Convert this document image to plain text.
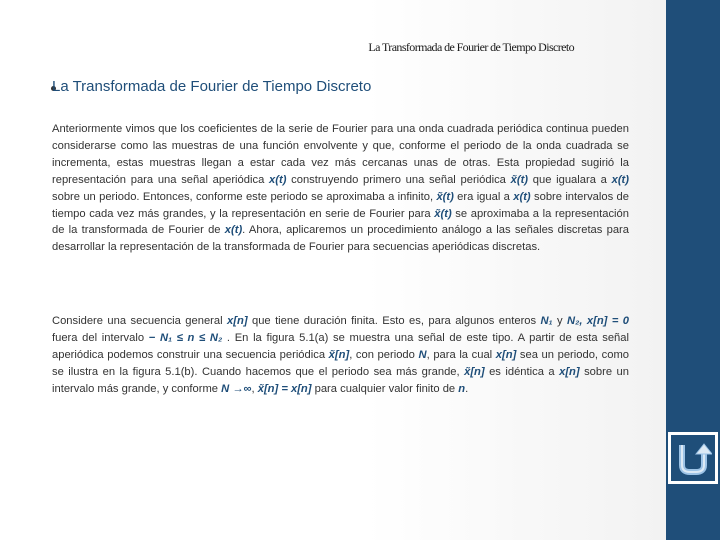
La Transformada de Fourier de Tiempo Discreto
La Transformada de Fourier de Tiempo Discreto

Anteriormente vimos que los coeficientes de la serie de Fourier para una onda cuadrada periódica continua pueden considerarse como las muestras de una función envolvente y que, conforme el periodo de la onda cuadrada se incrementa, estas muestras llegan a estar cada vez más cercanas unas de otras. Esta propiedad sugirió la representación para una señal aperiódica x(t) construyendo primero una señal periódica x̃(t) que igualara a x(t) sobre un periodo. Entonces, conforme este periodo se aproximaba a infinito, x̃(t) era igual a x(t) sobre intervalos de tiempo cada vez más grandes, y la representación en serie de Fourier para x̃(t) se aproximaba a la representación de la transformada de Fourier de x(t). Ahora, aplicaremos un procedimiento análogo a las señales discretas para desarrollar la representación de la transformada de Fourier para secuencias aperiódicas discretas.

Considere una secuencia general x[n] que tiene duración finita. Esto es, para algunos enteros N₁ y N₂, x[n] = 0 fuera del intervalo − N₁ ≤ n ≤ N₂ . En la figura 5.1(a) se muestra una señal de este tipo. A partir de esta señal aperiódica podemos construir una secuencia periódica x̃[n], con periodo N, para la cual x[n] sea un periodo, como se ilustra en la figura 5.1(b). Cuando hacemos que el periodo sea más grande, x̃[n] es idéntica a x[n] sobre un intervalo más grande, y conforme N →∞, x̃[n] = x[n] para cualquier valor finito de n.
